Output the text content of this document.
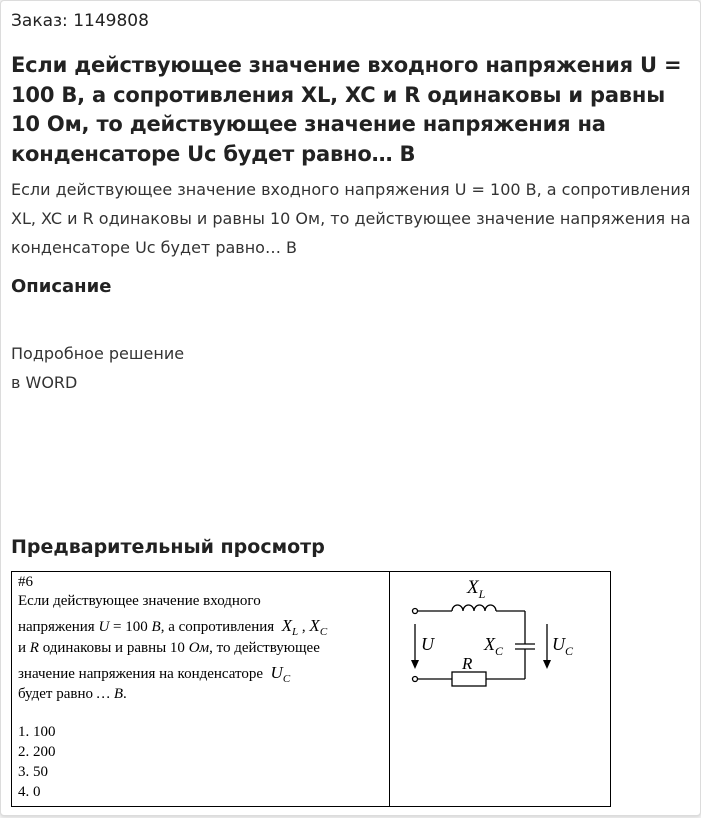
Заказ: 1149808
Если действующее значение входного напряжения U = 100 В, а сопротивления XL, XC и R одинаковы и равны 10 Ом, то действующее значение напряжения на конденсаторе Uc будет равно… В
Если действующее значение входного напряжения U = 100 В, а сопротивления XL, XC и R одинаковы и равны 10 Ом, то действующее значение напряжения на конденсаторе Uc будет равно… В
Описание
Подробное решение
в WORD
Предварительный просмотр
#6
Если действующее значение входного
напряжения U = 100 В, а сопротивления $X_L$ , $X_C$
и R одинаковы и равны 10 Ом, то действующее
значение напряжения на конденсаторе $U_C$
будет равно … В.
1. 100
2. 200
3. 50
4. 0
$X_L$
U	$X_C$	$U_C$
R
